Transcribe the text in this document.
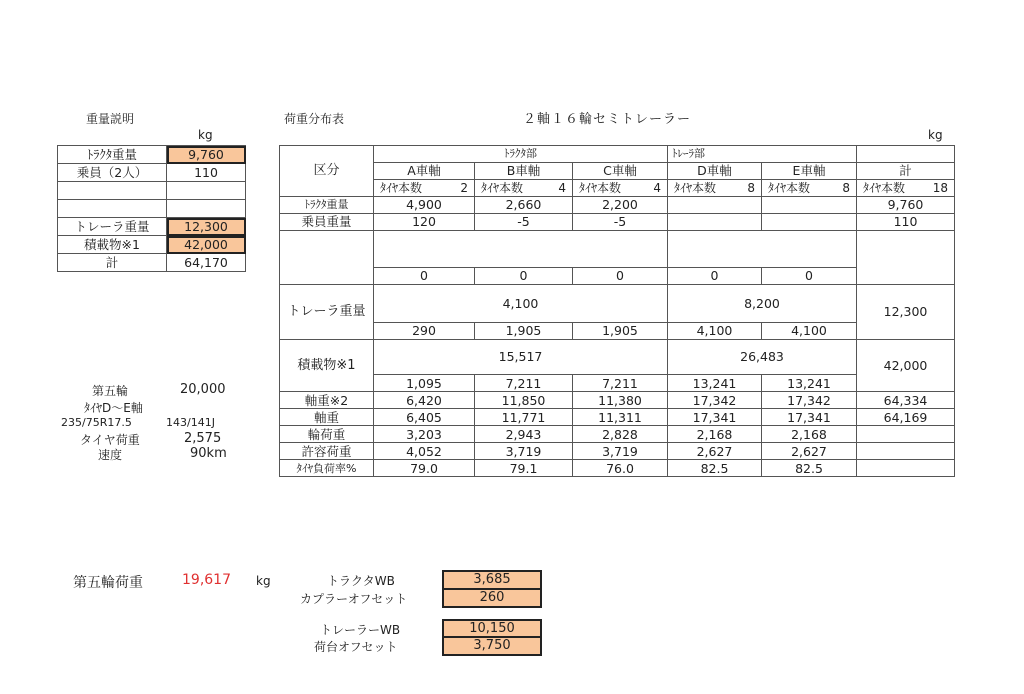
重量説明
kg
ﾄﾗｸﾀ重量	9,760
乗員（2人）	110

トレーラ重量	12,300
積載物※1	42,000
計	64,170
荷重分布表	２軸１６輪セミトレーラー
kg
区分	ﾄﾗｸﾀ部			ﾄﾚｰﾗ部		
	A車軸	B車軸	C車軸	D車軸	E車軸	計

	ﾀｲﾔ本数 2	ﾀｲﾔ本数 4	ﾀｲﾔ本数 4	ﾀｲﾔ本数 8	ﾀｲﾔ本数 8	ﾀｲﾔ本数 18

ﾄﾗｸﾀ重量	4,900	2,660	2,200			9,760
乗員重量	120	-5	-5			110

	0	0	0	0	0	
トレーラ重量	4,100			8,200		12,300
	290	1,905	1,905	4,100	4,100	
積載物※1	15,517			26,483		42,000
	1,095	7,211	7,211	13,241	13,241	
軸重※2	6,420	11,850	11,380	17,342	17,342	64,334
軸重	6,405	11,771	11,311	17,341	17,341	64,169
輪荷重	3,203	2,943	2,828	2,168	2,168	
許容荷重	4,052	3,719	3,719	2,627	2,627	
ﾀｲﾔ負荷率%	79.0	79.1	76.0	82.5	82.5	
第五輪	20,000
ﾀｲﾔD～E軸
235/75R17.5	143/141J
タイヤ荷重	2,575
速度	90km
第五輪荷重	19,617 kg	トラクタWB	3,685
カプラーオフセット	260
トレーラーWB	10,150
荷台オフセット	3,750
